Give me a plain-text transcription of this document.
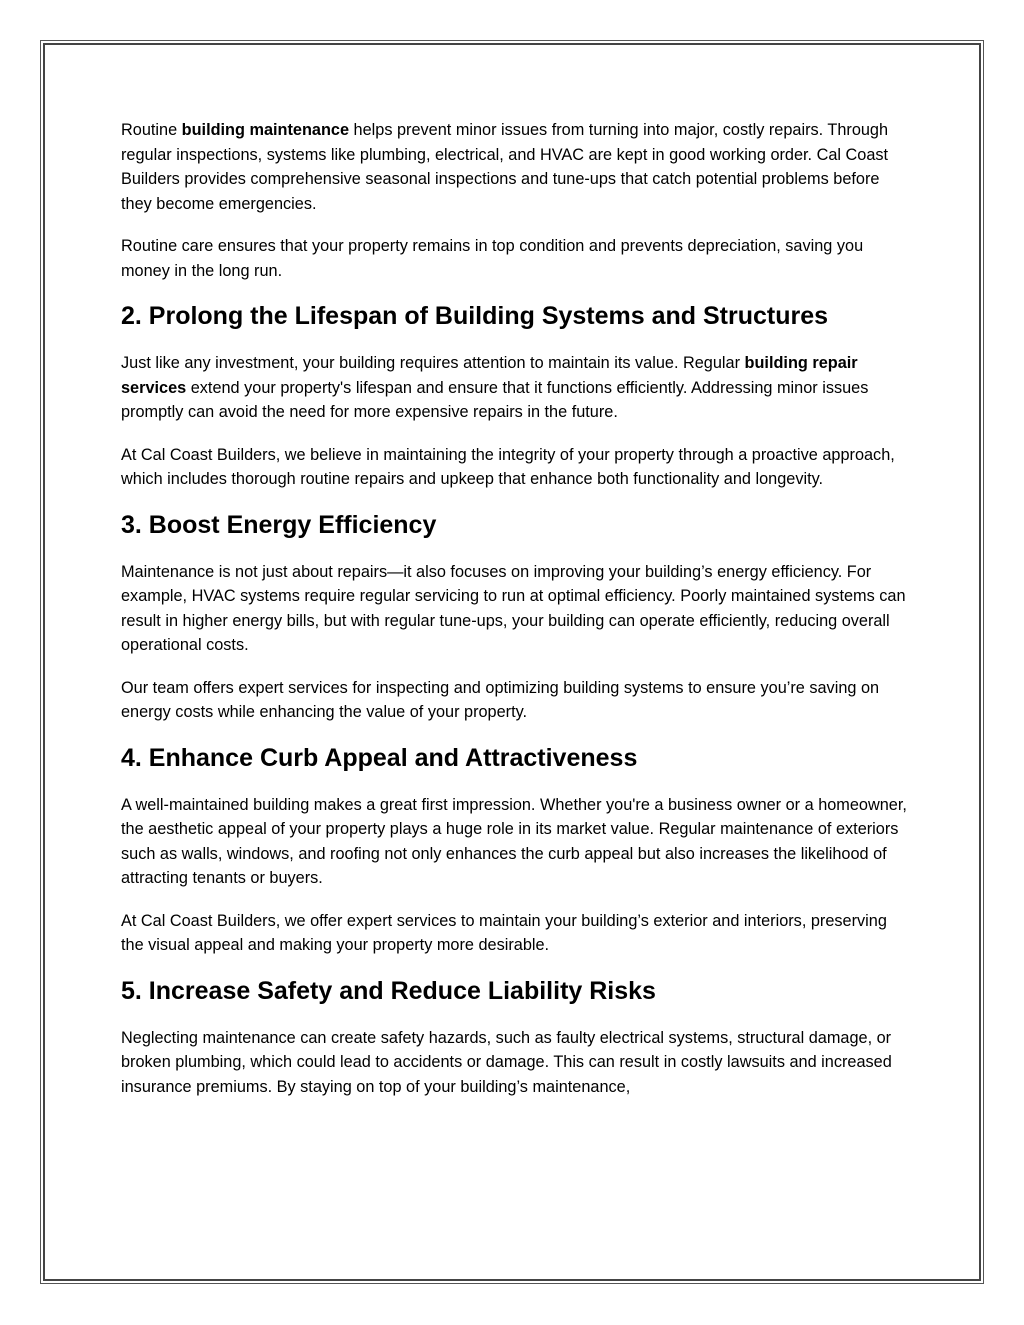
Routine building maintenance helps prevent minor issues from turning into major, costly repairs. Through regular inspections, systems like plumbing, electrical, and HVAC are kept in good working order. Cal Coast Builders provides comprehensive seasonal inspections and tune-ups that catch potential problems before they become emergencies.

Routine care ensures that your property remains in top condition and prevents depreciation, saving you money in the long run.

2. Prolong the Lifespan of Building Systems and Structures

Just like any investment, your building requires attention to maintain its value. Regular building repair services extend your property's lifespan and ensure that it functions efficiently. Addressing minor issues promptly can avoid the need for more expensive repairs in the future.

At Cal Coast Builders, we believe in maintaining the integrity of your property through a proactive approach, which includes thorough routine repairs and upkeep that enhance both functionality and longevity.

3. Boost Energy Efficiency

Maintenance is not just about repairs—it also focuses on improving your building’s energy efficiency. For example, HVAC systems require regular servicing to run at optimal efficiency. Poorly maintained systems can result in higher energy bills, but with regular tune-ups, your building can operate efficiently, reducing overall operational costs.

Our team offers expert services for inspecting and optimizing building systems to ensure you’re saving on energy costs while enhancing the value of your property.

4. Enhance Curb Appeal and Attractiveness

A well-maintained building makes a great first impression. Whether you're a business owner or a homeowner, the aesthetic appeal of your property plays a huge role in its market value. Regular maintenance of exteriors such as walls, windows, and roofing not only enhances the curb appeal but also increases the likelihood of attracting tenants or buyers.

At Cal Coast Builders, we offer expert services to maintain your building’s exterior and interiors, preserving the visual appeal and making your property more desirable.

5. Increase Safety and Reduce Liability Risks

Neglecting maintenance can create safety hazards, such as faulty electrical systems, structural damage, or broken plumbing, which could lead to accidents or damage. This can result in costly lawsuits and increased insurance premiums. By staying on top of your building’s maintenance,
